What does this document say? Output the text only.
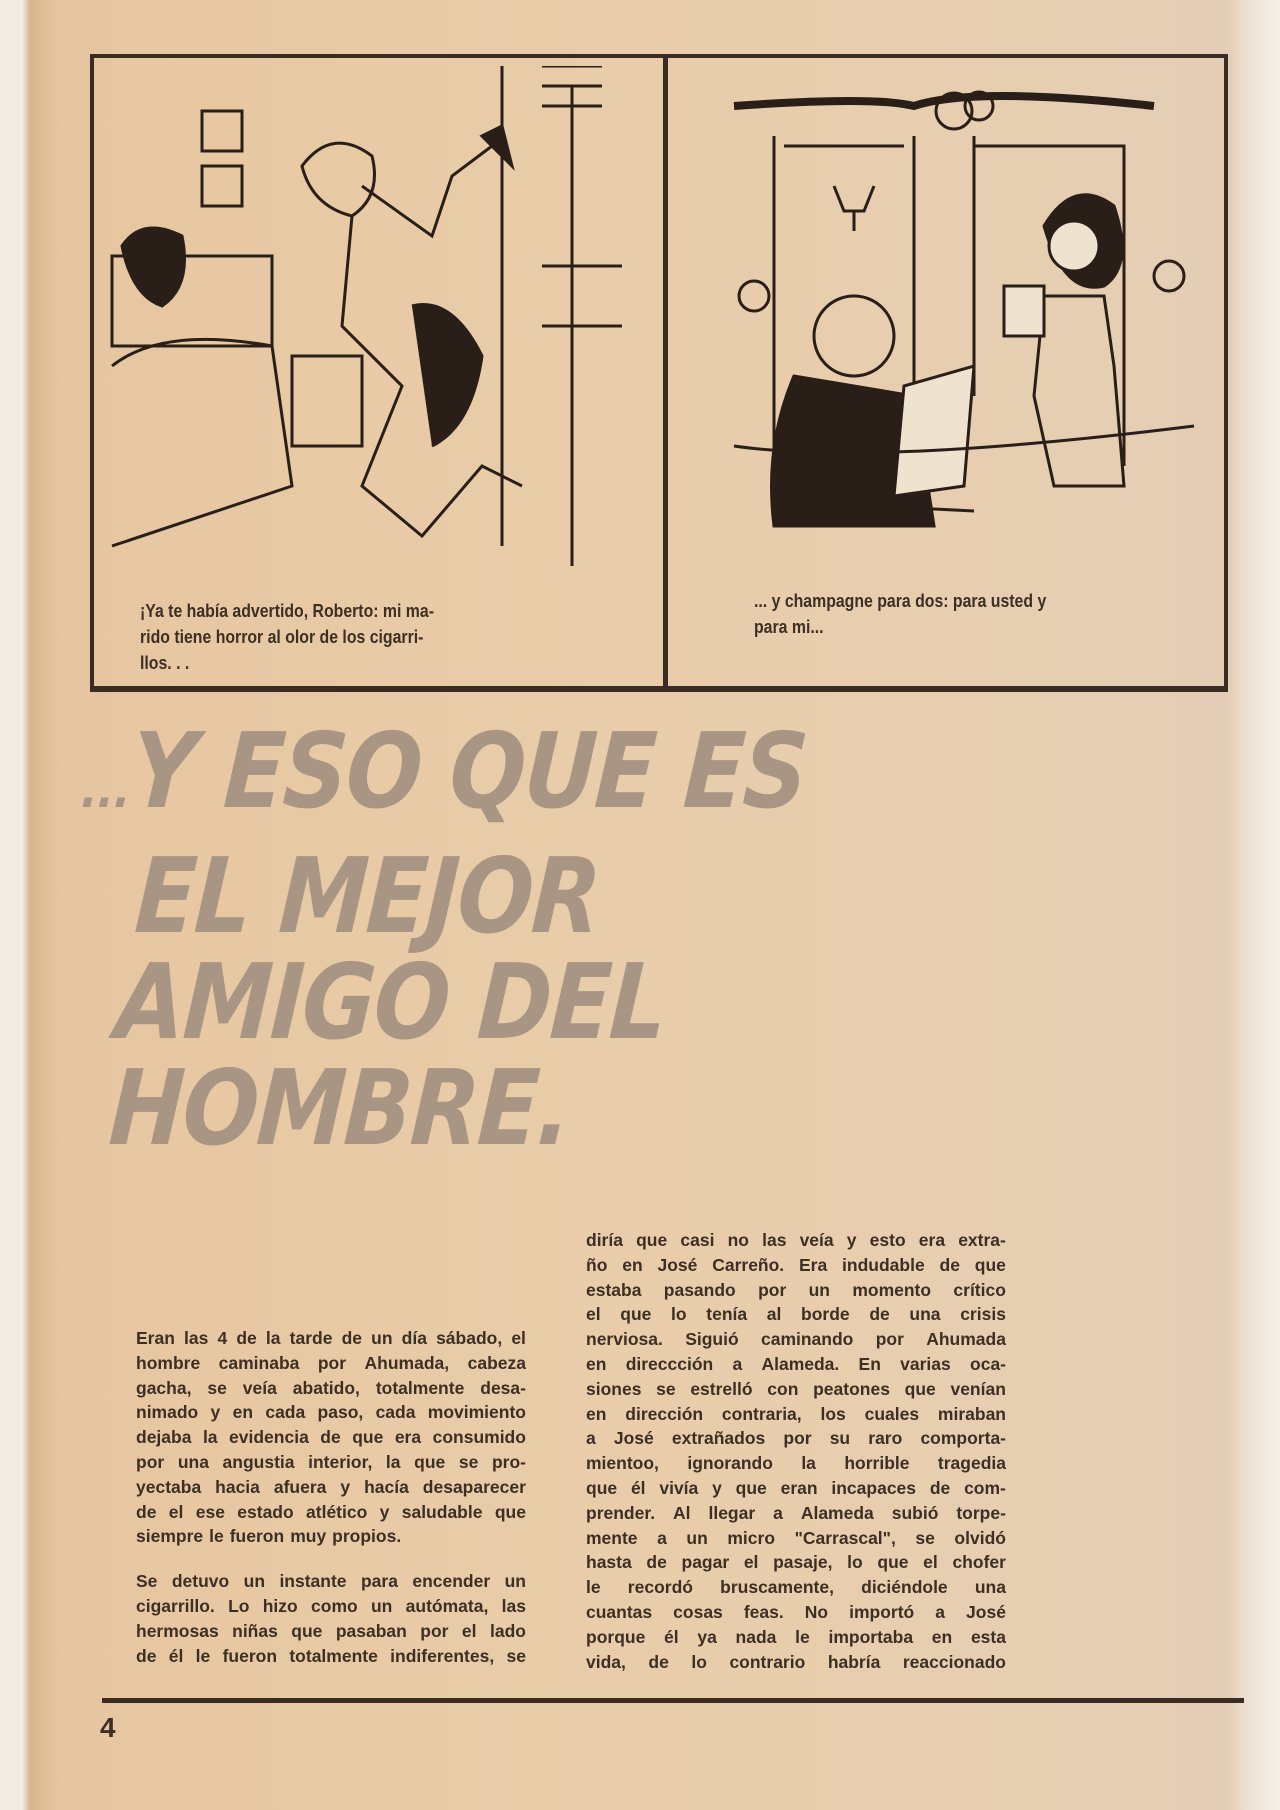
¡Ya te había advertido, Roberto: mi ma-
rido tiene horror al olor de los cigarri-
llos. . .
... y champagne para dos: para usted y
para mi...
...Y ESO QUE ES
EL MEJOR
AMIGO DEL
HOMBRE.
Eran las 4 de la tarde de un día sábado, el
hombre caminaba por Ahumada, cabeza
gacha, se veía abatido, totalmente desa-
nimado y en cada paso, cada movimiento
dejaba la evidencia de que era consumido
por una angustia interior, la que se pro-
yectaba hacia afuera y hacía desaparecer
de el ese estado atlético y saludable que
siempre le fueron muy propios.
Se detuvo un instante para encender un
cigarrillo. Lo hizo como un autómata, las
hermosas niñas que pasaban por el lado
de él le fueron totalmente indiferentes, se
diría que casi no las veía y esto era extra-
ño en José Carreño. Era indudable de que
estaba pasando por un momento crítico
el que lo tenía al borde de una crisis
nerviosa. Siguió caminando por Ahumada
en direccción a Alameda. En varias oca-
siones se estrelló con peatones que venían
en dirección contraria, los cuales miraban
a José extrañados por su raro comporta-
mientoo, ignorando la horrible tragedia
que él vivía y que eran incapaces de com-
prender. Al llegar a Alameda subió torpe-
mente a un micro "Carrascal", se olvidó
hasta de pagar el pasaje, lo que el chofer
le recordó bruscamente, diciéndole una
cuantas cosas feas. No importó a José
porque él ya nada le importaba en esta
vida, de lo contrario habría reaccionado
4
